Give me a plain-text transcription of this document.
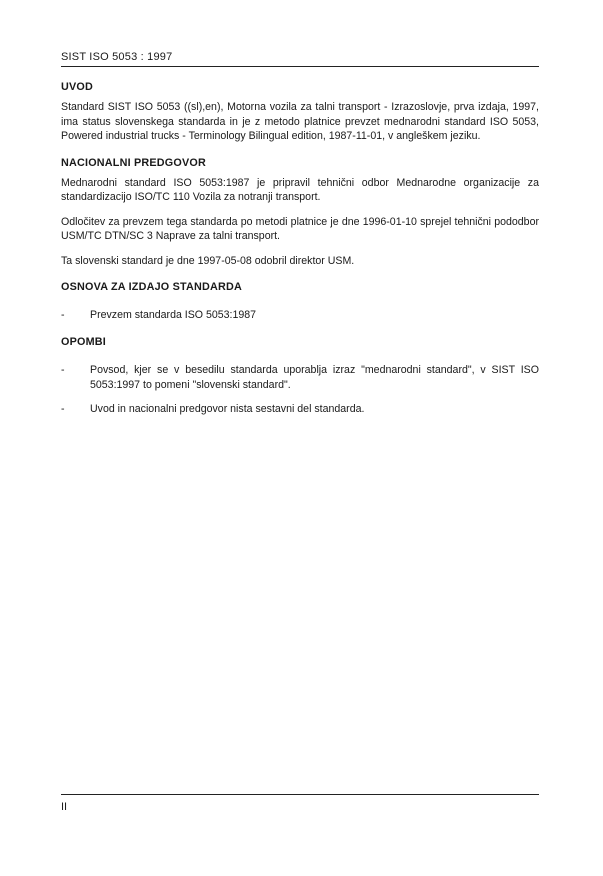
SIST ISO 5053 : 1997
UVOD

Standard SIST ISO 5053 ((sl),en), Motorna vozila za talni transport - Izrazoslovje, prva izdaja, 1997, ima status slovenskega standarda in je z metodo platnice prevzet mednarodni standard ISO 5053, Powered industrial trucks - Terminology Bilingual edition, 1987-11-01, v angleškem jeziku.

NACIONALNI PREDGOVOR

Mednarodni standard ISO 5053:1987 je pripravil tehnični odbor Mednarodne organizacije za standardizacijo ISO/TC 110 Vozila za notranji transport.

Odločitev za prevzem tega standarda po metodi platnice je dne 1996-01-10 sprejel tehnični pododbor USM/TC DTN/SC 3 Naprave za talni transport.

Ta slovenski standard je dne 1997-05-08 odobril direktor USM.

OSNOVA ZA IZDAJO STANDARDA
-	Prevzem standarda ISO 5053:1987
OPOMBI
-	Povsod, kjer se v besedilu standarda uporablja izraz "mednarodni standard", v SIST ISO 5053:1997 to pomeni "slovenski standard".
-	Uvod in nacionalni predgovor nista sestavni del standarda.
II
